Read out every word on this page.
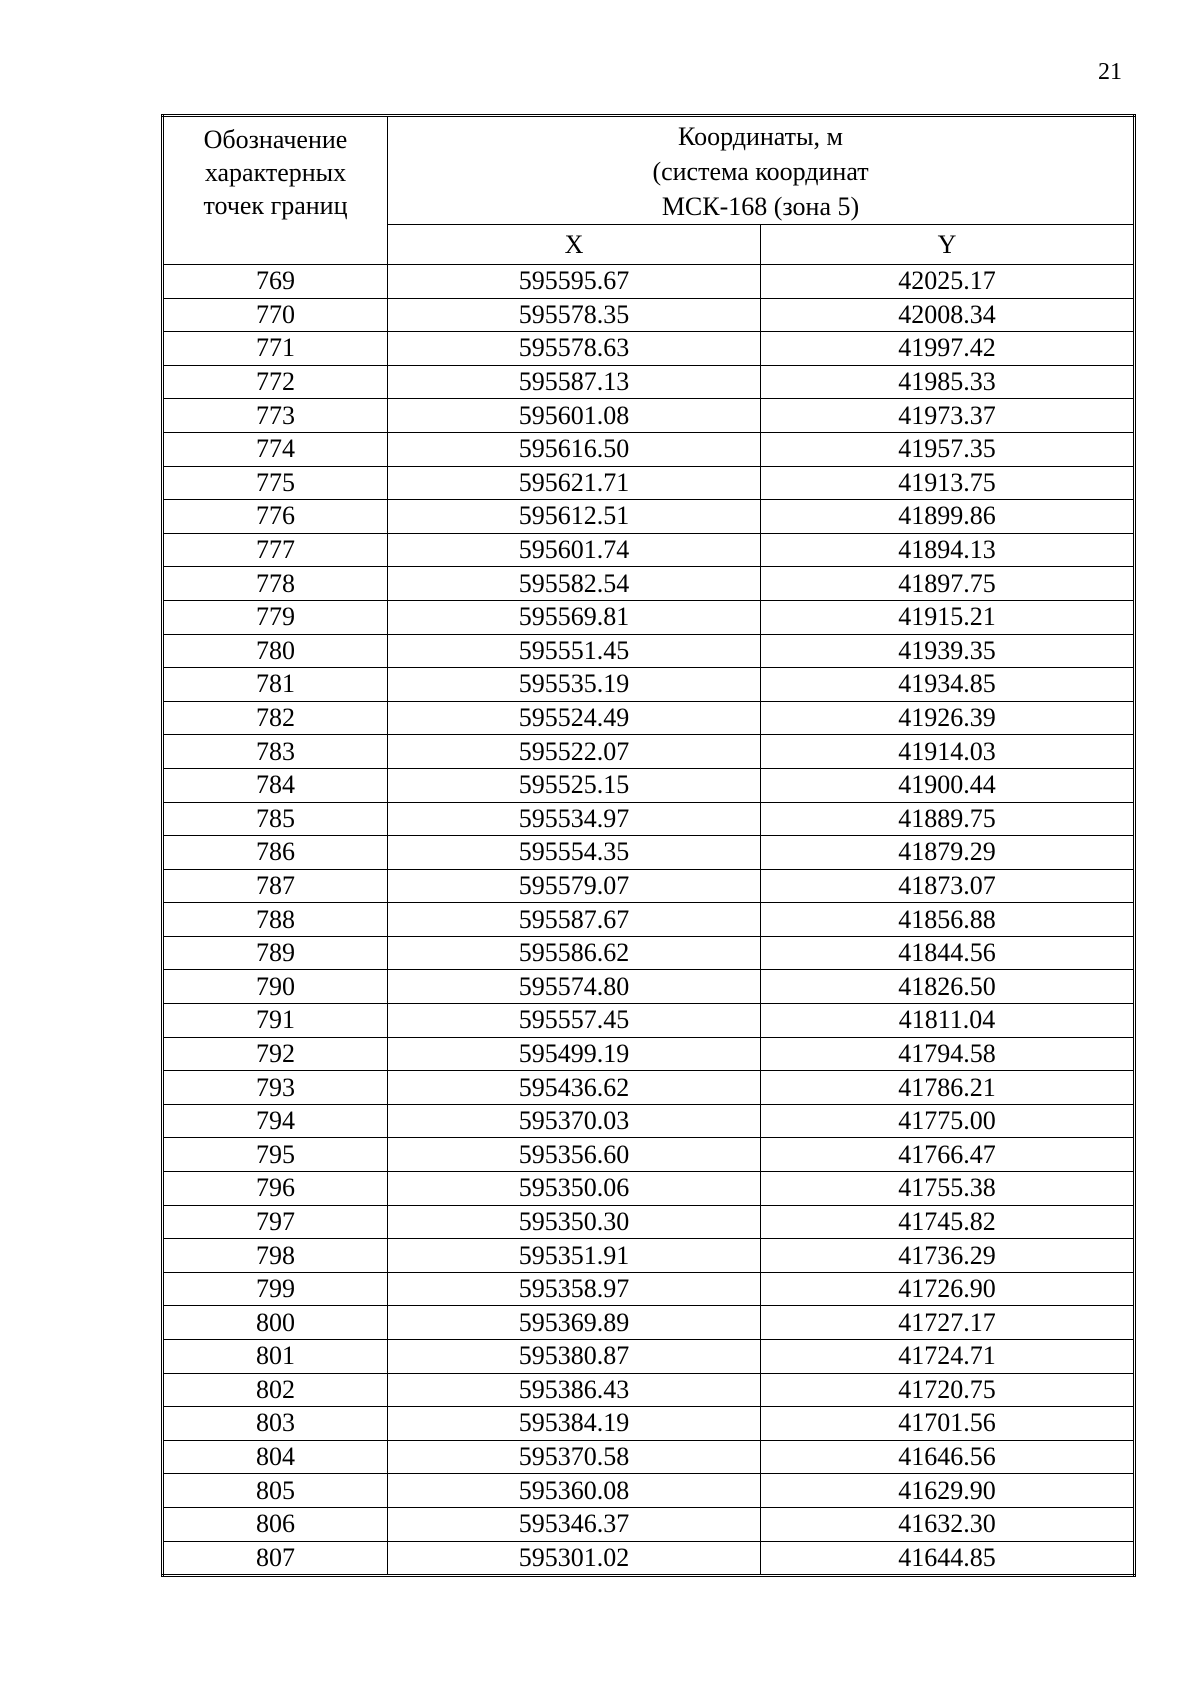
21
Обозначение
характерных
точек границ	Координаты, м
(система координат
МСК-168 (зона 5)	

	X	Y
769	595595.67	42025.17
770	595578.35	42008.34
771	595578.63	41997.42
772	595587.13	41985.33
773	595601.08	41973.37
774	595616.50	41957.35
775	595621.71	41913.75
776	595612.51	41899.86
777	595601.74	41894.13
778	595582.54	41897.75
779	595569.81	41915.21
780	595551.45	41939.35
781	595535.19	41934.85
782	595524.49	41926.39
783	595522.07	41914.03
784	595525.15	41900.44
785	595534.97	41889.75
786	595554.35	41879.29
787	595579.07	41873.07
788	595587.67	41856.88
789	595586.62	41844.56
790	595574.80	41826.50
791	595557.45	41811.04
792	595499.19	41794.58
793	595436.62	41786.21
794	595370.03	41775.00
795	595356.60	41766.47
796	595350.06	41755.38
797	595350.30	41745.82
798	595351.91	41736.29
799	595358.97	41726.90
800	595369.89	41727.17
801	595380.87	41724.71
802	595386.43	41720.75
803	595384.19	41701.56
804	595370.58	41646.56
805	595360.08	41629.90
806	595346.37	41632.30
807	595301.02	41644.85
